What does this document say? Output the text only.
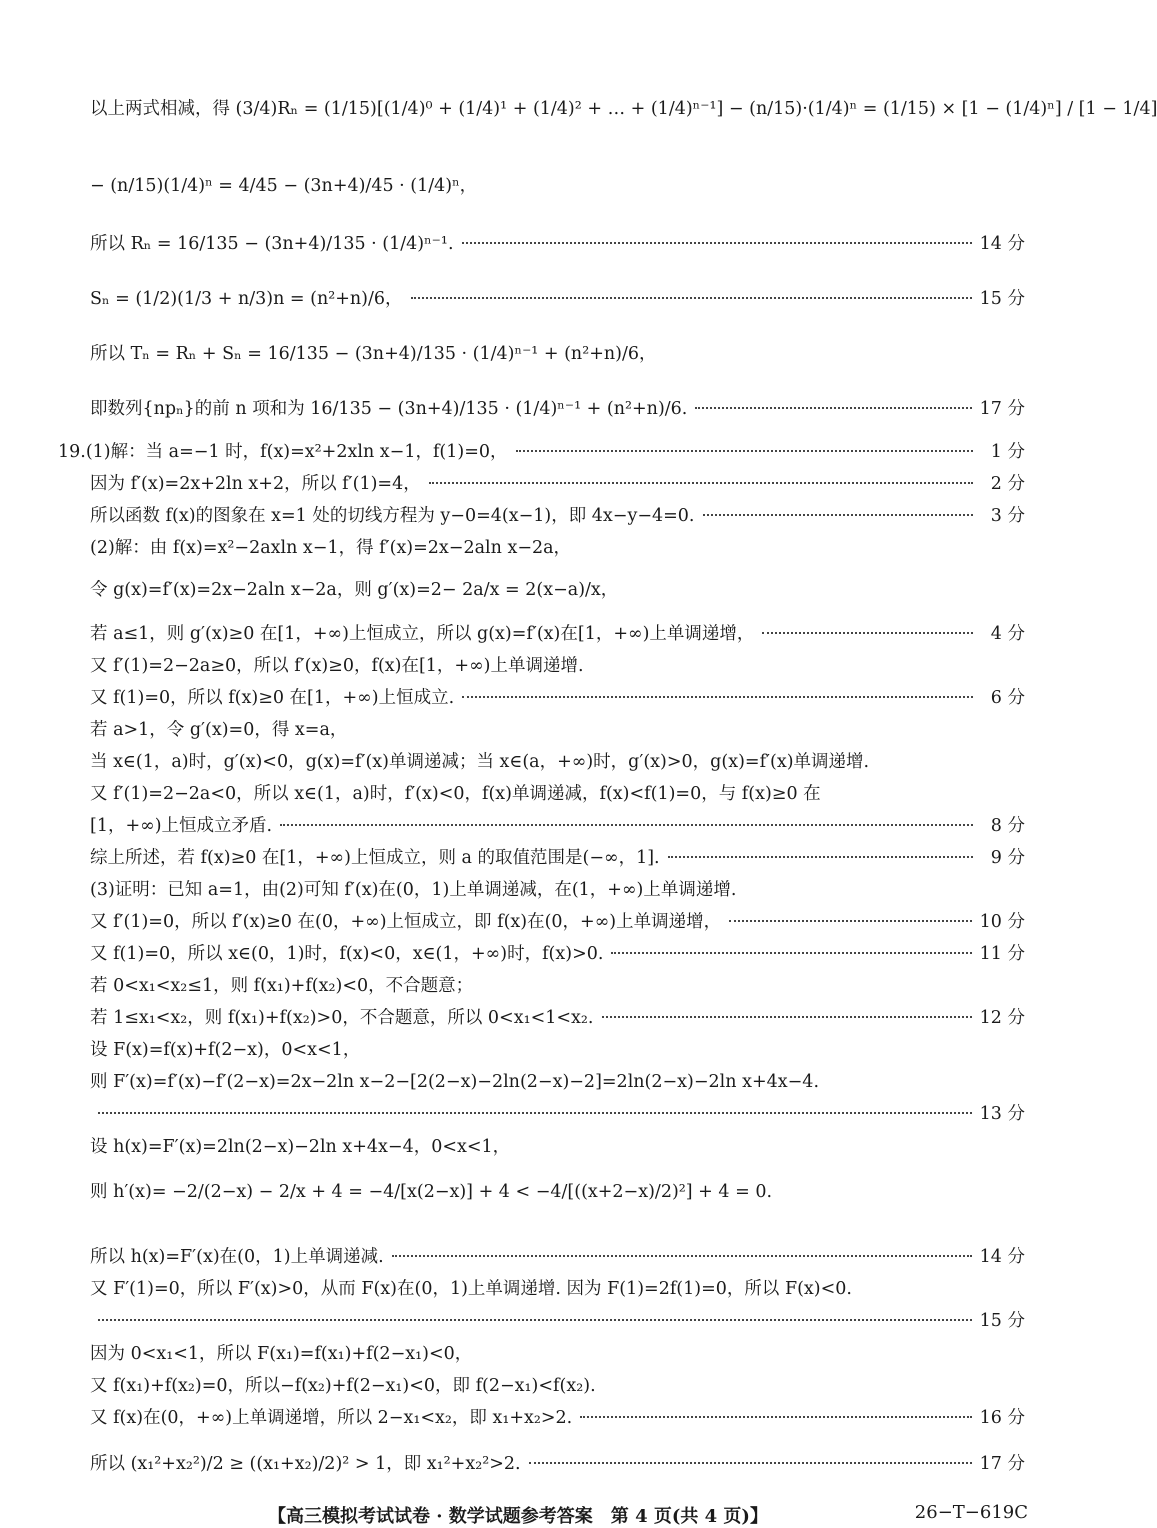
以上两式相减，得 (3/4)Rₙ = (1/15)[(1/4)⁰ + (1/4)¹ + (1/4)² + … + (1/4)ⁿ⁻¹] − (n/15)·(1/4)ⁿ = (1/15) × [1 − (1/4)ⁿ] / [1 − 1/4]
− (n/15)(1/4)ⁿ = 4/45 − (3n+4)/45 · (1/4)ⁿ，
所以 Rₙ = 16/135 − (3n+4)/135 · (1/4)ⁿ⁻¹.	14 分
Sₙ = (1/2)(1/3 + n/3)n = (n²+n)/6，	15 分
所以 Tₙ = Rₙ + Sₙ = 16/135 − (3n+4)/135 · (1/4)ⁿ⁻¹ + (n²+n)/6，
即数列{npₙ}的前 n 项和为 16/135 − (3n+4)/135 · (1/4)ⁿ⁻¹ + (n²+n)/6.	17 分
19.(1)解：当 a=−1 时，f(x)=x²+2xln x−1，f(1)=0，	1 分
因为 f′(x)=2x+2ln x+2，所以 f′(1)=4，	2 分
所以函数 f(x)的图象在 x=1 处的切线方程为 y−0=4(x−1)，即 4x−y−4=0.	3 分
(2)解：由 f(x)=x²−2axln x−1，得 f′(x)=2x−2aln x−2a，
令 g(x)=f′(x)=2x−2aln x−2a，则 g′(x)=2− 2a/x = 2(x−a)/x，
若 a≤1，则 g′(x)≥0 在[1，+∞)上恒成立，所以 g(x)=f′(x)在[1，+∞)上单调递增，	4 分
又 f′(1)=2−2a≥0，所以 f′(x)≥0，f(x)在[1，+∞)上单调递增.
又 f(1)=0，所以 f(x)≥0 在[1，+∞)上恒成立.	6 分
若 a>1，令 g′(x)=0，得 x=a，
当 x∈(1，a)时，g′(x)<0，g(x)=f′(x)单调递减；当 x∈(a，+∞)时，g′(x)>0，g(x)=f′(x)单调递增.
又 f′(1)=2−2a<0，所以 x∈(1，a)时，f′(x)<0，f(x)单调递减，f(x)<f(1)=0，与 f(x)≥0 在
[1，+∞)上恒成立矛盾.	8 分
综上所述，若 f(x)≥0 在[1，+∞)上恒成立，则 a 的取值范围是(−∞，1].	9 分
(3)证明：已知 a=1，由(2)可知 f′(x)在(0，1)上单调递减，在(1，+∞)上单调递增.
又 f′(1)=0，所以 f′(x)≥0 在(0，+∞)上恒成立，即 f(x)在(0，+∞)上单调递增，	10 分
又 f(1)=0，所以 x∈(0，1)时，f(x)<0，x∈(1，+∞)时，f(x)>0.	11 分
若 0<x₁<x₂≤1，则 f(x₁)+f(x₂)<0，不合题意；
若 1≤x₁<x₂，则 f(x₁)+f(x₂)>0，不合题意，所以 0<x₁<1<x₂.	12 分
设 F(x)=f(x)+f(2−x)，0<x<1，
则 F′(x)=f′(x)−f′(2−x)=2x−2ln x−2−[2(2−x)−2ln(2−x)−2]=2ln(2−x)−2ln x+4x−4.
13 分
设 h(x)=F′(x)=2ln(2−x)−2ln x+4x−4，0<x<1，
则 h′(x)= −2/(2−x) − 2/x + 4 = −4/[x(2−x)] + 4 < −4/[((x+2−x)/2)²] + 4 = 0.
所以 h(x)=F′(x)在(0，1)上单调递减.	14 分
又 F′(1)=0，所以 F′(x)>0，从而 F(x)在(0，1)上单调递增. 因为 F(1)=2f(1)=0，所以 F(x)<0.
15 分
因为 0<x₁<1，所以 F(x₁)=f(x₁)+f(2−x₁)<0，
又 f(x₁)+f(x₂)=0，所以−f(x₂)+f(2−x₁)<0，即 f(2−x₁)<f(x₂).
又 f(x)在(0，+∞)上单调递增，所以 2−x₁<x₂，即 x₁+x₂>2.	16 分
所以 (x₁²+x₂²)/2 ≥ ((x₁+x₂)/2)² > 1，即 x₁²+x₂²>2.	17 分
【高三模拟考试试卷 · 数学试题参考答案　第 4 页(共 4 页)】	26−T−619C
